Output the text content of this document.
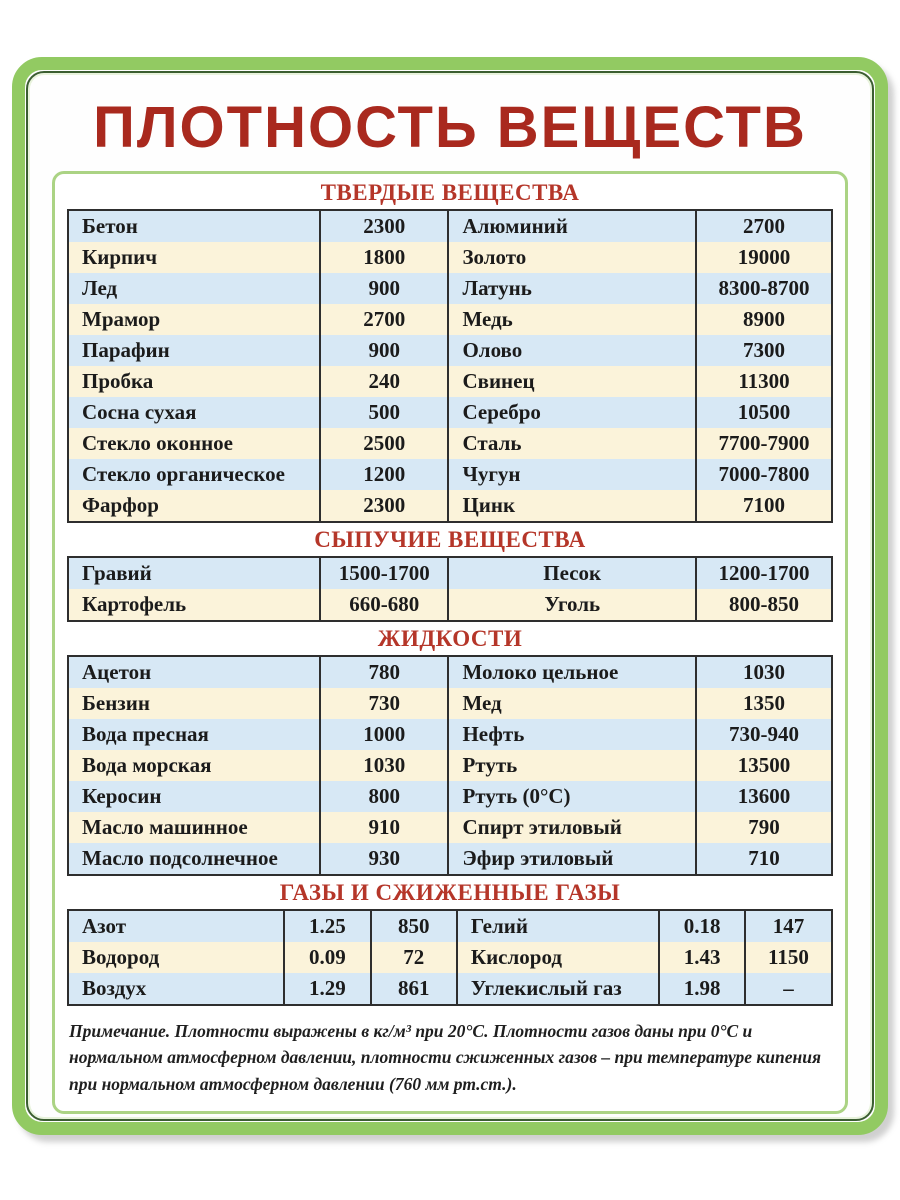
ПЛОТНОСТЬ ВЕЩЕСТВ
ТВЕРДЫЕ ВЕЩЕСТВА
Бетон	2300	Алюминий	2700
Кирпич	1800	Золото	19000
Лед	900	Латунь	8300-8700
Мрамор	2700	Медь	8900
Парафин	900	Олово	7300
Пробка	240	Свинец	11300
Сосна сухая	500	Серебро	10500
Стекло оконное	2500	Сталь	7700-7900
Стекло органическое	1200	Чугун	7000-7800
Фарфор	2300	Цинк	7100
СЫПУЧИЕ ВЕЩЕСТВА
Гравий	1500-1700	Песок	1200-1700
Картофель	660-680	Уголь	800-850
ЖИДКОСТИ
Ацетон	780	Молоко цельное	1030
Бензин	730	Мед	1350
Вода пресная	1000	Нефть	730-940
Вода морская	1030	Ртуть	13500
Керосин	800	Ртуть (0°С)	13600
Масло машинное	910	Спирт этиловый	790
Масло подсолнечное	930	Эфир этиловый	710
ГАЗЫ И СЖИЖЕННЫЕ ГАЗЫ
Азот	1.25	850	Гелий	0.18	147
Водород	0.09	72	Кислород	1.43	1150
Воздух	1.29	861	Углекислый газ	1.98	–

Примечание. Плотности выражены в кг/м³ при 20°С. Плотности газов даны при 0°С и нормальном атмосферном давлении, плотности сжиженных газов – при температуре кипения при нормальном атмосферном давлении (760 мм рт.ст.).
